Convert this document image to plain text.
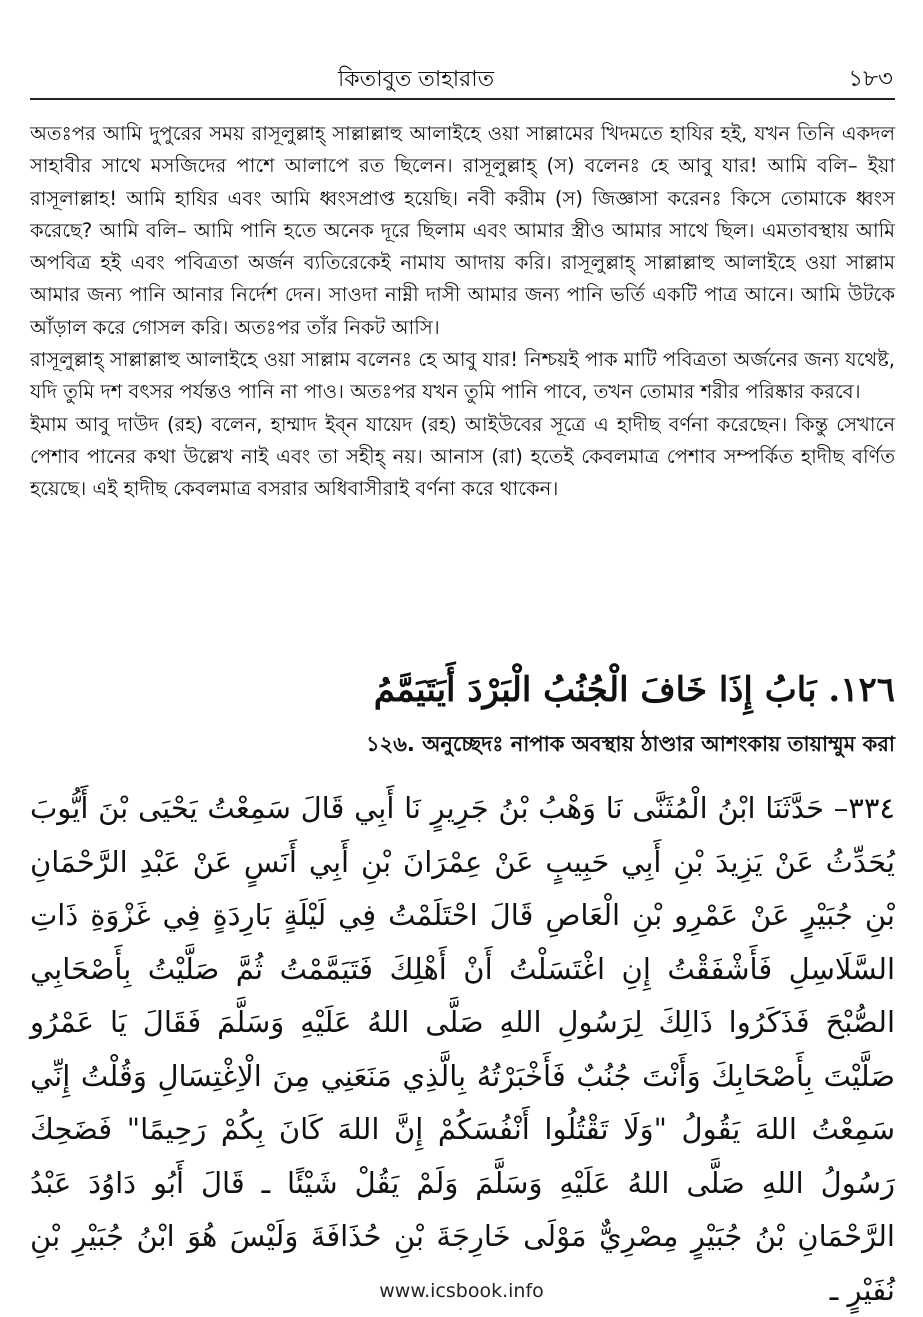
কিতাবুত তাহারাত	১৮৩

অতঃপর আমি দুপুরের সময় রাসূলুল্লাহ্‌ সাল্লাল্লাহু আলাইহে ওয়া সাল্লামের খিদমতে হাযির হই, যখন তিনি একদল সাহাবীর সাথে মসজিদের পাশে আলাপে রত ছিলেন। রাসূলুল্লাহ্‌ (স) বলেনঃ হে আবু যার! আমি বলি– ইয়া রাসূলাল্লাহ! আমি হাযির এবং আমি ধ্বংসপ্রাপ্ত হয়েছি। নবী করীম (স) জিজ্ঞাসা করেনঃ কিসে তোমাকে ধ্বংস করেছে? আমি বলি– আমি পানি হতে অনেক দূরে ছিলাম এবং আমার স্ত্রীও আমার সাথে ছিল। এমতাবস্থায় আমি অপবিত্র হই এবং পবিত্রতা অর্জন ব্যতিরেকেই নামায আদায় করি। রাসূলুল্লাহ্‌ সাল্লাল্লাহু আলাইহে ওয়া সাল্লাম আমার জন্য পানি আনার নির্দেশ দেন। সাওদা নাম্নী দাসী আমার জন্য পানি ভর্তি একটি পাত্র আনে। আমি উটকে আঁড়াল করে গোসল করি। অতঃপর তাঁর নিকট আসি।

রাসূলুল্লাহ্‌ সাল্লাল্লাহু আলাইহে ওয়া সাল্লাম বলেনঃ হে আবু যার! নিশ্চয়ই পাক মাটি পবিত্রতা অর্জনের জন্য যথেষ্ট, যদি তুমি দশ বৎসর পর্যন্তও পানি না পাও। অতঃপর যখন তুমি পানি পাবে, তখন তোমার শরীর পরিষ্কার করবে।

ইমাম আবু দাউদ (রহ) বলেন, হাম্মাদ ইব্‌ন যায়েদ (রহ) আইউবের সূত্রে এ হাদীছ বর্ণনা করেছেন। কিন্তু সেখানে পেশাব পানের কথা উল্লেখ নাই এবং তা সহীহ্‌ নয়। আনাস (রা) হতেই কেবলমাত্র পেশাব সম্পর্কিত হাদীছ বর্ণিত হয়েছে। এই হাদীছ কেবলমাত্র বসরার অধিবাসীরাই বর্ণনা করে থাকেন।

١٢٦. بَابُ إِذَا خَافَ الْجُنُبُ الْبَرْدَ أَيَتَيَمَّمُ
১২৬. অনুচ্ছেদঃ নাপাক অবস্থায় ঠাণ্ডার আশংকায় তায়াম্মুম করা
٣٣٤– حَدَّثَنَا ابْنُ الْمُثَنَّى نَا وَهْبُ بْنُ جَرِيرٍ نَا أَبِي قَالَ سَمِعْتُ يَحْيَى بْنَ أَيُّوبَ يُحَدِّثُ عَنْ يَزِيدَ بْنِ أَبِي حَبِيبٍ عَنْ عِمْرَانَ بْنِ أَبِي أَنَسٍ عَنْ عَبْدِ الرَّحْمَانِ بْنِ جُبَيْرٍ عَنْ عَمْرِو بْنِ الْعَاصِ قَالَ احْتَلَمْتُ فِي لَيْلَةٍ بَارِدَةٍ فِي غَزْوَةِ ذَاتِ السَّلَاسِلِ فَأَشْفَقْتُ إِنِ اغْتَسَلْتُ أَنْ أَهْلِكَ فَتَيَمَّمْتُ ثُمَّ صَلَّيْتُ بِأَصْحَابِي الصُّبْحَ فَذَكَرُوا ذَالِكَ لِرَسُولِ اللهِ صَلَّى اللهُ عَلَيْهِ وَسَلَّمَ فَقَالَ يَا عَمْرُو صَلَّيْتَ بِأَصْحَابِكَ وَأَنْتَ جُنُبٌ فَأَخْبَرْتُهُ بِالَّذِي مَنَعَنِي مِنَ الْاِغْتِسَالِ وَقُلْتُ إِنِّي سَمِعْتُ اللهَ يَقُولُ "وَلَا تَقْتُلُوا أَنْفُسَكُمْ إِنَّ اللهَ كَانَ بِكُمْ رَحِيمًا" فَضَحِكَ رَسُولُ اللهِ صَلَّى اللهُ عَلَيْهِ وَسَلَّمَ وَلَمْ يَقُلْ شَيْئًا ـ قَالَ أَبُو دَاوُدَ عَبْدُ الرَّحْمَانِ بْنُ جُبَيْرٍ مِصْرِيٌّ مَوْلَى خَارِجَةَ بْنِ حُذَافَةَ وَلَيْسَ هُوَ ابْنُ جُبَيْرِ بْنِ نُفَيْرٍ ـ
www.icsbook.info
